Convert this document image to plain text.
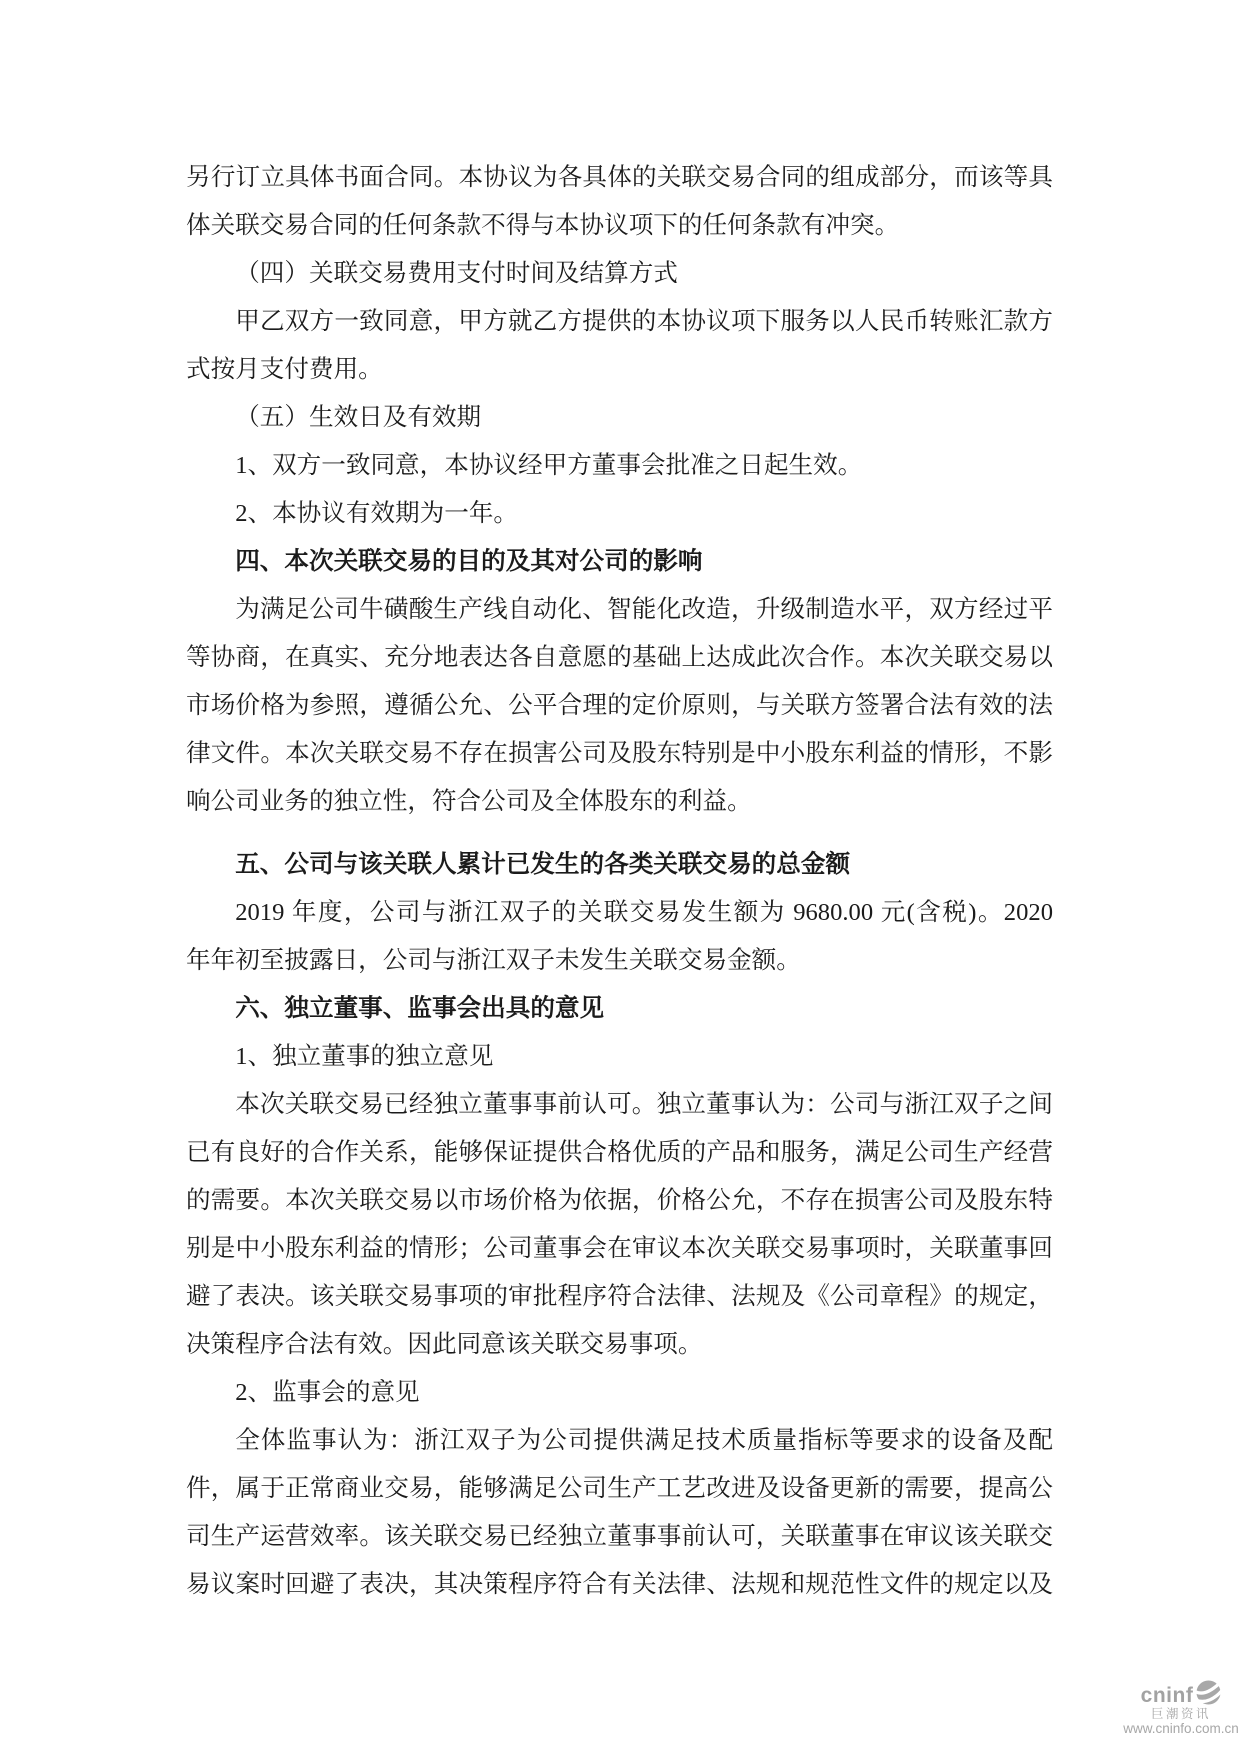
另行订立具体书面合同。本协议为各具体的关联交易合同的组成部分，而该等具
体关联交易合同的任何条款不得与本协议项下的任何条款有冲突。

（四）关联交易费用支付时间及结算方式

甲乙双方一致同意，甲方就乙方提供的本协议项下服务以人民币转账汇款方
式按月支付费用。

（五）生效日及有效期

1、双方一致同意，本协议经甲方董事会批准之日起生效。

2、本协议有效期为一年。

四、本次关联交易的目的及其对公司的影响

为满足公司牛磺酸生产线自动化、智能化改造，升级制造水平，双方经过平
等协商，在真实、充分地表达各自意愿的基础上达成此次合作。本次关联交易以
市场价格为参照，遵循公允、公平合理的定价原则，与关联方签署合法有效的法
律文件。本次关联交易不存在损害公司及股东特别是中小股东利益的情形，不影
响公司业务的独立性，符合公司及全体股东的利益。

五、公司与该关联人累计已发生的各类关联交易的总金额

2019 年度，公司与浙江双子的关联交易发生额为 9680.00 元(含税)。2020
年年初至披露日，公司与浙江双子未发生关联交易金额。

六、独立董事、监事会出具的意见

1、独立董事的独立意见

本次关联交易已经独立董事事前认可。独立董事认为：公司与浙江双子之间
已有良好的合作关系，能够保证提供合格优质的产品和服务，满足公司生产经营
的需要。本次关联交易以市场价格为依据，价格公允，不存在损害公司及股东特
别是中小股东利益的情形；公司董事会在审议本次关联交易事项时，关联董事回
避了表决。该关联交易事项的审批程序符合法律、法规及《公司章程》的规定，
决策程序合法有效。因此同意该关联交易事项。

2、监事会的意见

全体监事认为：浙江双子为公司提供满足技术质量指标等要求的设备及配
件，属于正常商业交易，能够满足公司生产工艺改进及设备更新的需要，提高公
司生产运营效率。该关联交易已经独立董事事前认可，关联董事在审议该关联交
易议案时回避了表决，其决策程序符合有关法律、法规和规范性文件的规定以及

cninf
巨潮资讯
www.cninfo.com.cn
